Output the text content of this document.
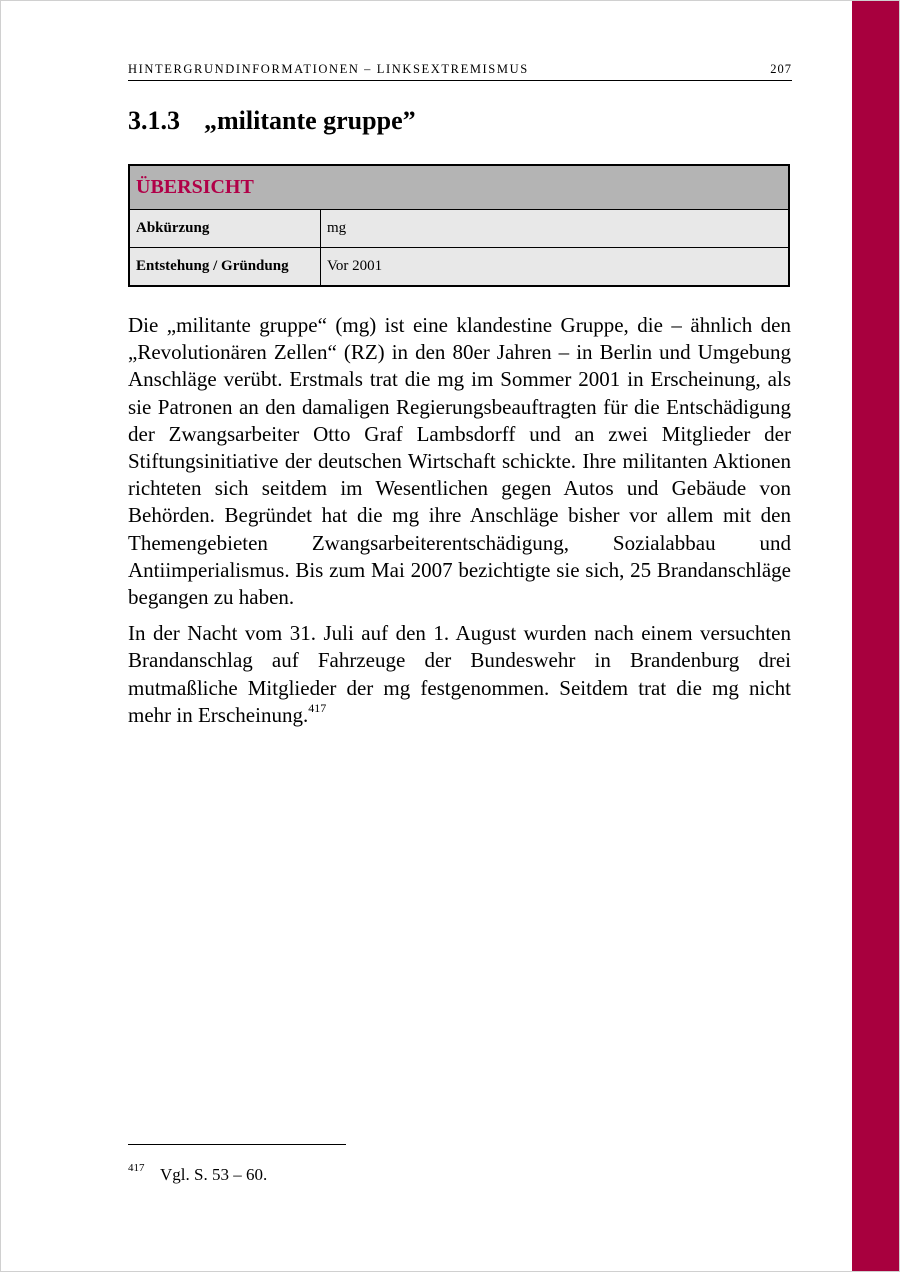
HINTERGRUNDINFORMATIONEN – LINKSEXTREMISMUS	207
3.1.3 „militante gruppe”
ÜBERSICHT	
Abkürzung	mg
Entstehung / Gründung	Vor 2001

Die „militante gruppe“ (mg) ist eine klandestine Gruppe, die – ähnlich den „Revolutionären Zellen“ (RZ) in den 80er Jahren – in Berlin und Umgebung Anschläge verübt. Erstmals trat die mg im Sommer 2001 in Erscheinung, als sie Patronen an den damaligen Regierungsbeauftragten für die Entschädigung der Zwangsarbeiter Otto Graf Lambsdorff und an zwei Mitglieder der Stiftungsinitiative der deutschen Wirtschaft schickte. Ihre militanten Aktionen richteten sich seitdem im Wesentlichen gegen Autos und Gebäude von Behörden. Begründet hat die mg ihre Anschläge bisher vor allem mit den Themengebieten Zwangsarbeiterentschädigung, Sozialabbau und Antiimperialismus. Bis zum Mai 2007 bezichtigte sie sich, 25 Brandanschläge begangen zu haben.

In der Nacht vom 31. Juli auf den 1. August wurden nach einem versuchten Brandanschlag auf Fahrzeuge der Bundeswehr in Brandenburg drei mutmaßliche Mitglieder der mg festgenommen. Seitdem trat die mg nicht mehr in Erscheinung.$^{417}$

417 Vgl. S. 53 – 60.
